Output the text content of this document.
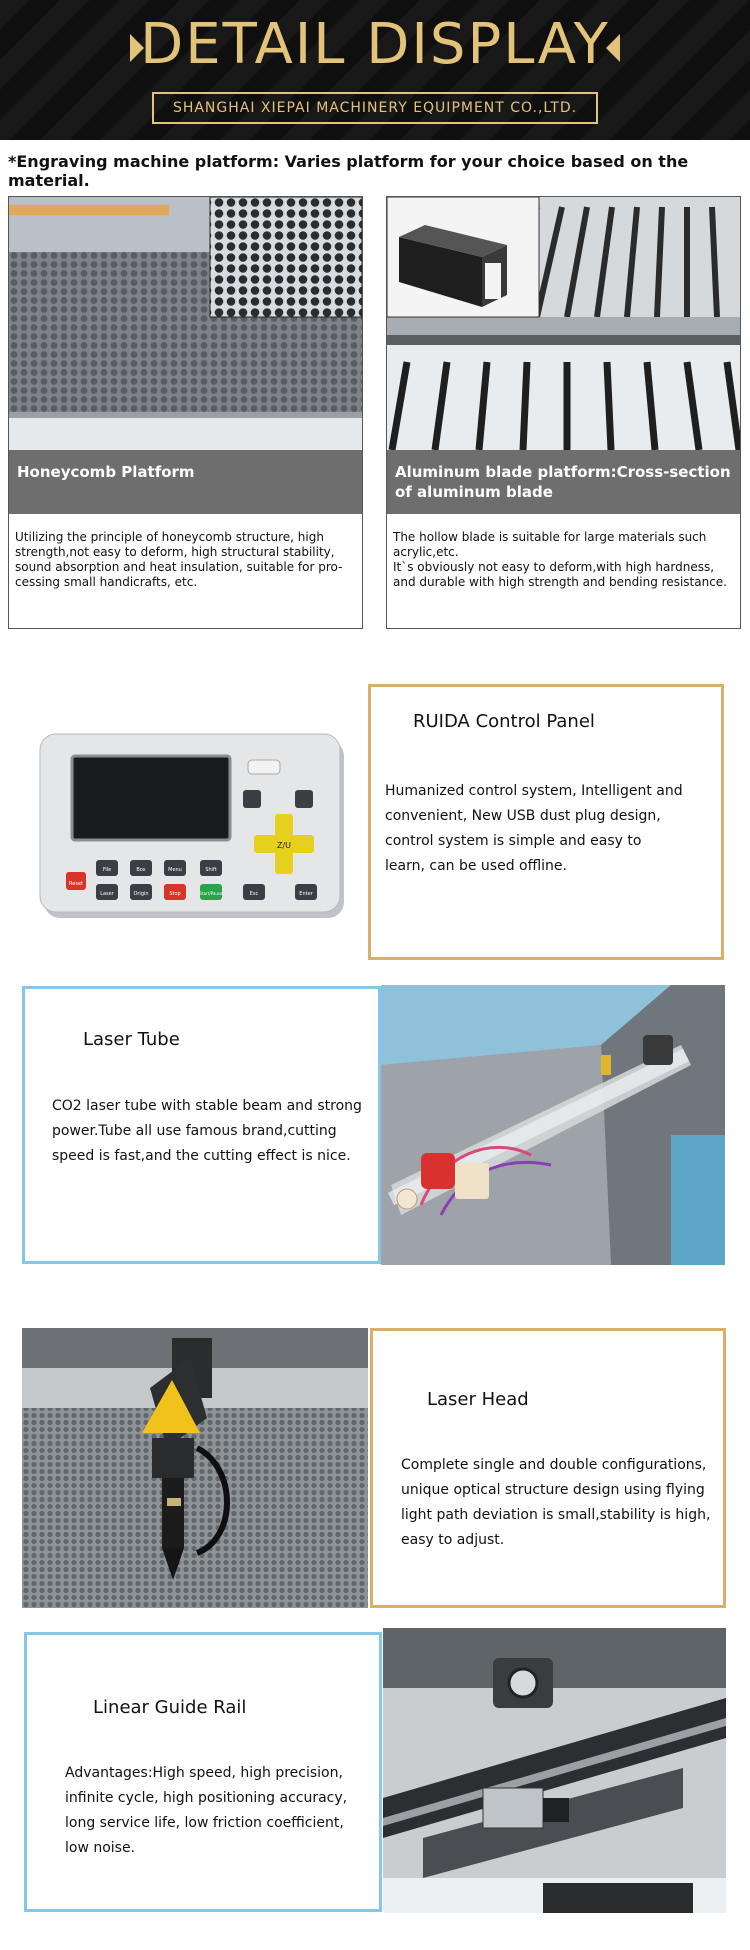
DETAIL DISPLAY
SHANGHAI XIEPAI MACHINERY EQUIPMENT CO.,LTD.
*Engraving machine platform: Varies platform for your choice based on the material.
Honeycomb Platform
Utilizing the principle of honeycomb structure, high strength,not easy to deform, high structural stability, sound absorption and heat insulation, suitable for pro-cessing small handicrafts, etc.
Aluminum blade platform:Cross-section of aluminum blade
The hollow blade is suitable for large materials such acrylic,etc.
It`s obviously not easy to deform,with high hardness, and durable with high strength and bending resistance.
Z/U
Reset
File	Box	Menu	Shift
Laser	Origin	Stop	Start/Pause	Esc	Enter
RUIDA Control Panel
Humanized control system, Intelligent and convenient, New USB dust plug design, control system is simple and easy to learn, can be used offline.
Laser Tube
CO2 laser tube with stable beam and strong power.Tube all use famous brand,cutting speed is fast,and the cutting effect is nice.
Laser Head
Complete single and double configurations, unique optical structure design using flying light path deviation is small,stability is high, easy to adjust.
Linear Guide Rail
Advantages:High speed, high precision, infinite cycle, high positioning accuracy, long service life, low friction coefficient, low noise.
